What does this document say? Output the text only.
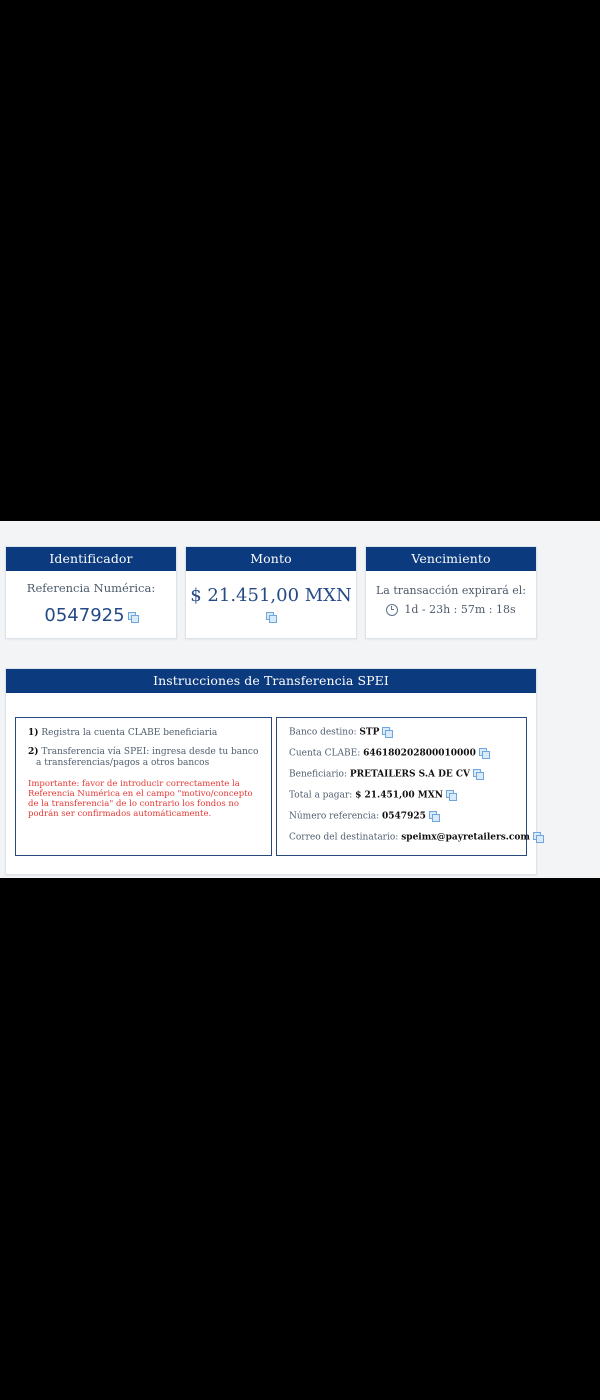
Identificador
Referencia Numérica:
0547925
Monto
$ 21.451,00 MXN
Vencimiento
La transacción expirará el:
1d - 23h : 57m : 18s
Instrucciones de Transferencia SPEI
1) Registra la cuenta CLABE beneficiaria
2) Transferencia vía SPEI: ingresa desde tu banco a transferencias/pagos a otros bancos
Importante: favor de introducir correctamente la Referencia Numérica en el campo "motivo/concepto de la transferencia" de lo contrario los fondos no podrán ser confirmados automáticamente.
Banco destino: STP
Cuenta CLABE: 646180202800010000
Beneficiario: PRETAILERS S.A DE CV
Total a pagar: $ 21.451,00 MXN
Número referencia: 0547925
Correo del destinatario: speimx@payretailers.com
